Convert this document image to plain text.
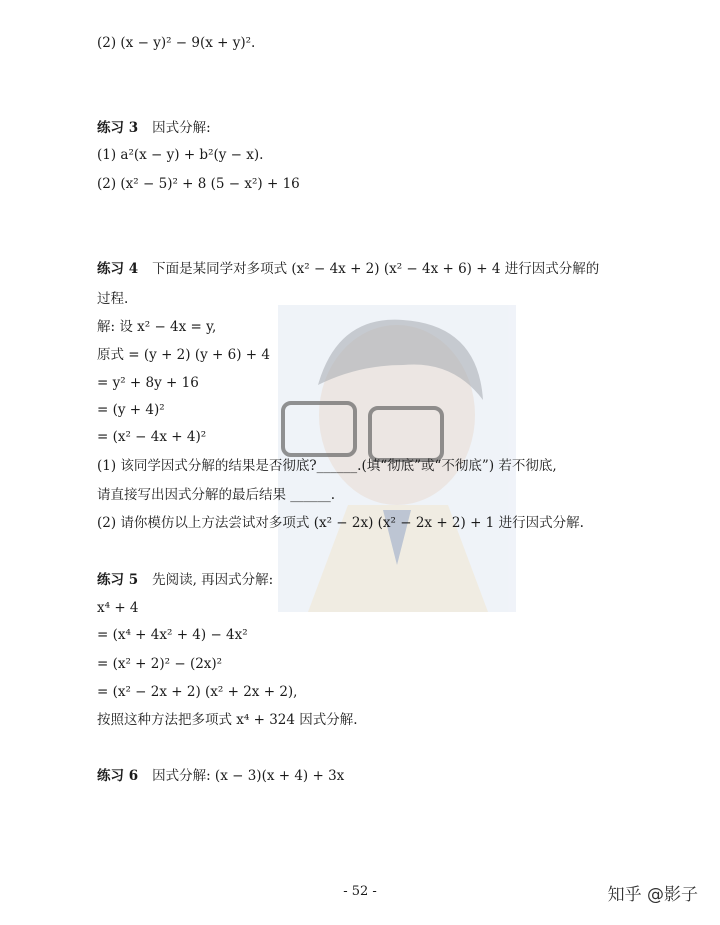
(2) (x − y)² − 9(x + y)².
练习 3 因式分解:
(1) a²(x − y) + b²(y − x).
(2) (x² − 5)² + 8 (5 − x²) + 16
练习 4 下面是某同学对多项式 (x² − 4x + 2) (x² − 4x + 6) + 4 进行因式分解的
过程.
解: 设 x² − 4x = y,
原式 = (y + 2) (y + 6) + 4
= y² + 8y + 16
= (y + 4)²
= (x² − 4x + 4)²
(1) 该同学因式分解的结果是否彻底?______.(填“彻底”或“不彻底”) 若不彻底,
请直接写出因式分解的最后结果 ______.
(2) 请你模仿以上方法尝试对多项式 (x² − 2x) (x² − 2x + 2) + 1 进行因式分解.
练习 5 先阅读, 再因式分解:
x⁴ + 4
= (x⁴ + 4x² + 4) − 4x²
= (x² + 2)² − (2x)²
= (x² − 2x + 2) (x² + 2x + 2),
按照这种方法把多项式 x⁴ + 324 因式分解.
练习 6 因式分解: (x − 3)(x + 4) + 3x
- 52 -	知乎 @影子
